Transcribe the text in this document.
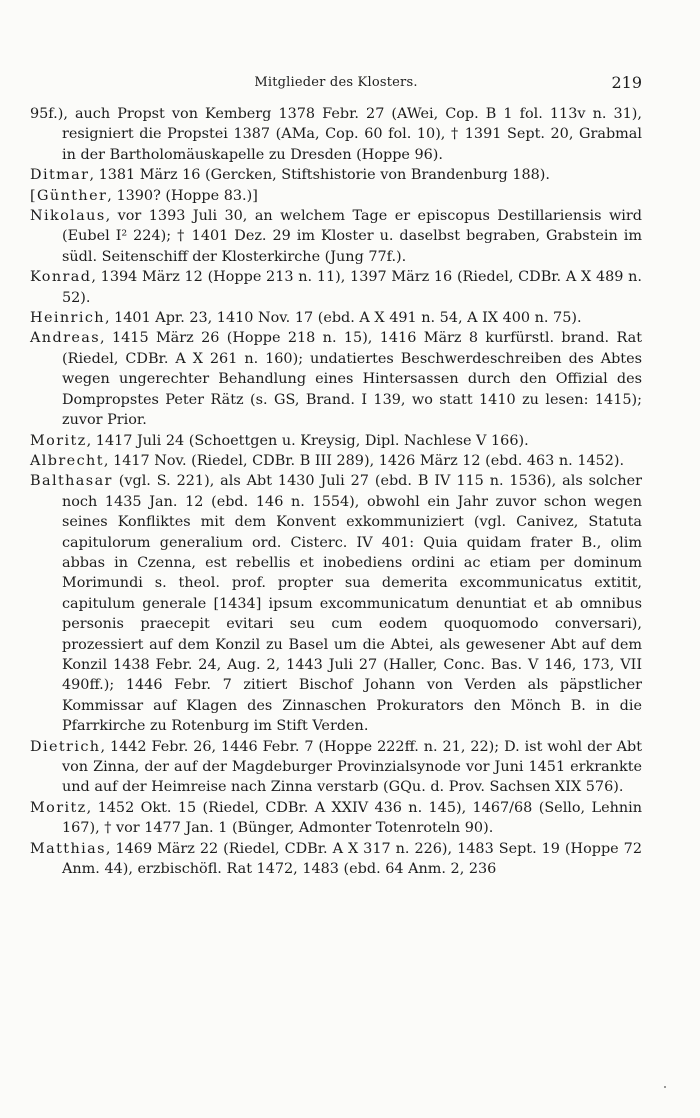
Mitglieder des Klosters.	219

95f.), auch Propst von Kemberg 1378 Febr. 27 (AWei, Cop. B 1 fol. 113v n. 31), resigniert die Propstei 1387 (AMa, Cop. 60 fol. 10), † 1391 Sept. 20, Grabmal in der Bartholomäuskapelle zu Dresden (Hoppe 96).

Ditmar, 1381 März 16 (Gercken, Stiftshistorie von Brandenburg 188).

[Günther, 1390? (Hoppe 83.)]

Nikolaus, vor 1393 Juli 30, an welchem Tage er episcopus Destillariensis wird (Eubel I² 224); † 1401 Dez. 29 im Kloster u. daselbst begraben, Grabstein im südl. Seitenschiff der Klosterkirche (Jung 77f.).

Konrad, 1394 März 12 (Hoppe 213 n. 11), 1397 März 16 (Riedel, CDBr. A X 489 n. 52).

Heinrich, 1401 Apr. 23, 1410 Nov. 17 (ebd. A X 491 n. 54, A IX 400 n. 75).

Andreas, 1415 März 26 (Hoppe 218 n. 15), 1416 März 8 kurfürstl. brand. Rat (Riedel, CDBr. A X 261 n. 160); undatiertes Beschwerdeschreiben des Abtes wegen ungerechter Behandlung eines Hintersassen durch den Offizial des Dompropstes Peter Rätz (s. GS, Brand. I 139, wo statt 1410 zu lesen: 1415); zuvor Prior.

Moritz, 1417 Juli 24 (Schoettgen u. Kreysig, Dipl. Nachlese V 166).

Albrecht, 1417 Nov. (Riedel, CDBr. B III 289), 1426 März 12 (ebd. 463 n. 1452).

Balthasar (vgl. S. 221), als Abt 1430 Juli 27 (ebd. B IV 115 n. 1536), als solcher noch 1435 Jan. 12 (ebd. 146 n. 1554), obwohl ein Jahr zuvor schon wegen seines Konfliktes mit dem Konvent exkommuniziert (vgl. Canivez, Statuta capitulorum generalium ord. Cisterc. IV 401: Quia quidam frater B., olim abbas in Czenna, est rebellis et inobediens ordini ac etiam per dominum Morimundi s. theol. prof. propter sua demerita excommunicatus extitit, capitulum generale [1434] ipsum excommunicatum denuntiat et ab omnibus personis praecepit evitari seu cum eodem quoquomodo conversari), prozessiert auf dem Konzil zu Basel um die Abtei, als gewesener Abt auf dem Konzil 1438 Febr. 24, Aug. 2, 1443 Juli 27 (Haller, Conc. Bas. V 146, 173, VII 490ff.); 1446 Febr. 7 zitiert Bischof Johann von Verden als päpstlicher Kommissar auf Klagen des Zinnaschen Prokurators den Mönch B. in die Pfarrkirche zu Rotenburg im Stift Verden.

Dietrich, 1442 Febr. 26, 1446 Febr. 7 (Hoppe 222ff. n. 21, 22); D. ist wohl der Abt von Zinna, der auf der Magdeburger Provinzialsynode vor Juni 1451 erkrankte und auf der Heimreise nach Zinna verstarb (GQu. d. Prov. Sachsen XIX 576).

Moritz, 1452 Okt. 15 (Riedel, CDBr. A XXIV 436 n. 145), 1467/68 (Sello, Lehnin 167), † vor 1477 Jan. 1 (Bünger, Admonter Totenroteln 90).

Matthias, 1469 März 22 (Riedel, CDBr. A X 317 n. 226), 1483 Sept. 19 (Hoppe 72 Anm. 44), erzbischöfl. Rat 1472, 1483 (ebd. 64 Anm. 2, 236
